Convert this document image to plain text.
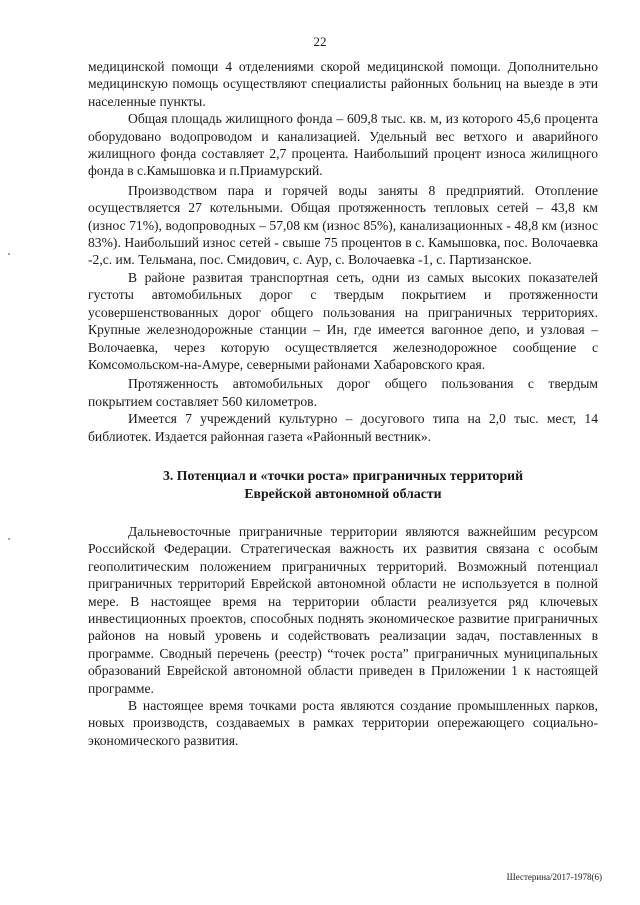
22

медицинской помощи 4 отделениями скорой медицинской помощи. Дополнительно медицинскую помощь осуществляют специалисты районных больниц на выезде в эти населенные пункты.

Общая площадь жилищного фонда – 609,8 тыс. кв. м, из которого 45,6 процента оборудовано водопроводом и канализацией. Удельный вес ветхого и аварийного жилищного фонда составляет 2,7 процента. Наибольший процент износа жилищного фонда в с.Камышовка и п.Приамурский.

Производством пара и горячей воды заняты 8 предприятий. Отопление осуществляется 27 котельными. Общая протяженность тепловых сетей – 43,8 км (износ 71%), водопроводных – 57,08 км (износ 85%), канализационных - 48,8 км (износ 83%). Наибольший износ сетей - свыше 75 процентов в с. Камышовка, пос. Волочаевка -2,с. им. Тельмана, пос. Смидович, с. Аур, с. Волочаевка -1, с. Партизанское.

В районе развитая транспортная сеть, одни из самых высоких показателей густоты автомобильных дорог с твердым покрытием и протяженности усовершенствованных дорог общего пользования на приграничных территориях. Крупные железнодорожные станции – Ин, где имеется вагонное депо, и узловая – Волочаевка, через которую осуществляется железнодорожное сообщение с Комсомольском-на-Амуре, северными районами Хабаровского края.

Протяженность автомобильных дорог общего пользования с твердым покрытием составляет 560 километров.

Имеется 7 учреждений культурно – досугового типа на 2,0 тыс. мест, 14 библиотек. Издается районная газета «Районный вестник».

3. Потенциал и «точки роста» приграничных территорий
Еврейской автономной области

Дальневосточные приграничные территории являются важнейшим ресурсом Российской Федерации. Стратегическая важность их развития связана с особым геополитическим положением приграничных территорий. Возможный потенциал приграничных территорий Еврейской автономной области не используется в полной мере. В настоящее время на территории области реализуется ряд ключевых инвестиционных проектов, способных поднять экономическое развитие приграничных районов на новый уровень и содействовать реализации задач, поставленных в программе. Сводный перечень (реестр) “точек роста” приграничных муниципальных образований Еврейской автономной области приведен в Приложении 1 к настоящей программе.

В настоящее время точками роста являются создание промышленных парков, новых производств, создаваемых в рамках территории опережающего социально-экономического развития.

Шестерина/2017-1978(6)
